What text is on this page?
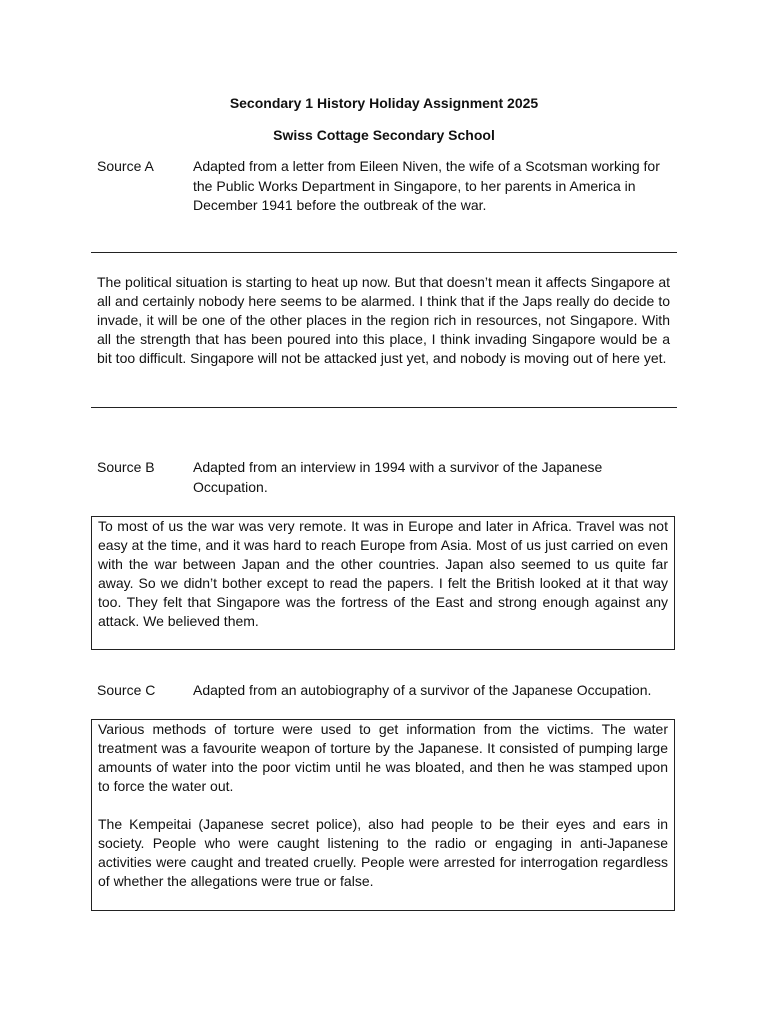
Secondary 1 History Holiday Assignment 2025
Swiss Cottage Secondary School
Source A	Adapted from a letter from Eileen Niven, the wife of a Scotsman working for the Public Works Department in Singapore, to her parents in America in December 1941 before the outbreak of the war.
The political situation is starting to heat up now. But that doesn’t mean it affects Singapore at all and certainly nobody here seems to be alarmed. I think that if the Japs really do decide to invade, it will be one of the other places in the region rich in resources, not Singapore. With all the strength that has been poured into this place, I think invading Singapore would be a bit too difficult. Singapore will not be attacked just yet, and nobody is moving out of here yet.
Source B	Adapted from an interview in 1994 with a survivor of the Japanese Occupation.

To most of us the war was very remote. It was in Europe and later in Africa. Travel was not easy at the time, and it was hard to reach Europe from Asia. Most of us just carried on even with the war between Japan and the other countries. Japan also seemed to us quite far away. So we didn’t bother except to read the papers. I felt the British looked at it that way too. They felt that Singapore was the fortress of the East and strong enough against any attack. We believed them.

Source C	Adapted from an autobiography of a survivor of the Japanese Occupation.

Various methods of torture were used to get information from the victims. The water treatment was a favourite weapon of torture by the Japanese. It consisted of pumping large amounts of water into the poor victim until he was bloated, and then he was stamped upon to force the water out.

The Kempeitai (Japanese secret police), also had people to be their eyes and ears in society. People who were caught listening to the radio or engaging in anti-Japanese activities were caught and treated cruelly. People were arrested for interrogation regardless of whether the allegations were true or false.
